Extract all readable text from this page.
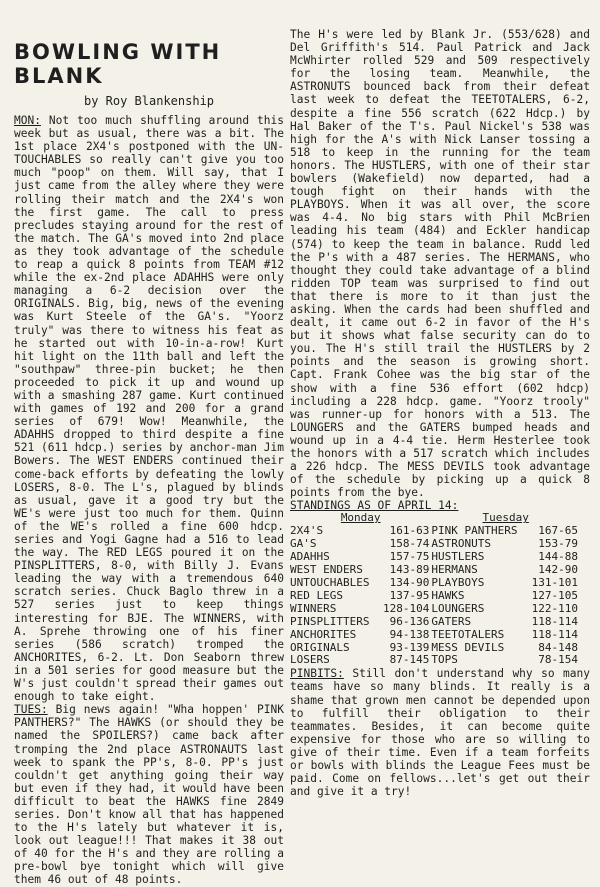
BOWLING WITH BLANK
by Roy Blankenship

MON: Not too much shuffling around this week but as usual, there was a bit. The 1st place 2X4's postponed with the UN-TOUCHABLES so really can't give you too much "poop" on them. Will say, that I just came from the alley where they were rolling their match and the 2X4's won the first game. The call to press precludes staying around for the rest of the match. The GA's moved into 2nd place as they took advantage of the schedule to reap a quick 8 points from TEAM #12 while the ex-2nd place ADAHHS were only managing a 6-2 decision over the ORIGINALS. Big, big, news of the evening was Kurt Steele of the GA's. "Yoorz truly" was there to witness his feat as he started out with 10-in-a-row! Kurt hit light on the 11th ball and left the "southpaw" three-pin bucket; he then proceeded to pick it up and wound up with a smashing 287 game. Kurt continued with games of 192 and 200 for a grand series of 679! Wow! Meanwhile, the ADAHHS dropped to third despite a fine 521 (611 hdcp.) series by anchor-man Jim Bowers. The WEST ENDERS continued their come-back efforts by defeating the lowly LOSERS, 8-0. The L's, plagued by blinds as usual, gave it a good try but the WE's were just too much for them. Quinn of the WE's rolled a fine 600 hdcp. series and Yogi Gagne had a 516 to lead the way. The RED LEGS poured it on the PINSPLITTERS, 8-0, with Billy J. Evans leading the way with a tremendous 640 scratch series. Chuck Baglo threw in a 527 series just to keep things interesting for BJE. The WINNERS, with A. Sprehe throwing one of his finer series (586 scratch) tromped the ANCHORITES, 6-2. Lt. Don Seaborn threw in a 501 series for good measure but the W's just couldn't spread their games out enough to take eight.

TUES: Big news again! "Wha hoppen' PINK PANTHERS?" The HAWKS (or should they be named the SPOILERS?) came back after tromping the 2nd place ASTRONAUTS last week to spank the PP's, 8-0. PP's just couldn't get anything going their way but even if they had, it would have been difficult to beat the HAWKS fine 2849 series. Don't know all that has happened to the H's lately but whatever it is, look out league!!! That makes it 38 out of 40 for the H's and they are rolling a pre-bowl bye tonight which will give them 46 out of 48 points.

The H's were led by Blank Jr. (553/628) and Del Griffith's 514. Paul Patrick and Jack McWhirter rolled 529 and 509 respectively for the losing team. Meanwhile, the ASTRONUTS bounced back from their defeat last week to defeat the TEETOTALERS, 6-2, despite a fine 556 scratch (622 Hdcp.) by Hal Baker of the T's. Paul Nickel's 538 was high for the A's with Nick Lanser tossing a 518 to keep in the running for the team honors. The HUSTLERS, with one of their star bowlers (Wakefield) now departed, had a tough fight on their hands with the PLAYBOYS. When it was all over, the score was 4-4. No big stars with Phil McBrien leading his team (484) and Eckler handicap (574) to keep the team in balance. Rudd led the P's with a 487 series. The HERMANS, who thought they could take advantage of a blind ridden TOP team was surprised to find out that there is more to it than just the asking. When the cards had been shuffled and dealt, it came out 6-2 in favor of the H's but it shows what false security can do to you. The H's still trail the HUSTLERS by 2 points and the season is growing short. Capt. Frank Cohee was the big star of the show with a fine 536 effort (602 hdcp) including a 228 hdcp. game. "Yoorz trooly" was runner-up for honors with a 513. The LOUNGERS and the GATERS bumped heads and wound up in a 4-4 tie. Herm Hesterlee took the honors with a 517 scratch which includes a 226 hdcp. The MESS DEVILS took advantage of the schedule by picking up a quick 8 points from the bye.

STANDINGS AS OF APRIL 14:
Monday		Tuesday	
2X4'S	161-63	PINK PANTHERS	167-65
GA'S	158-74	ASTRONUTS	153-79
ADAHHS	157-75	HUSTLERS	144-88
WEST ENDERS	143-89	HERMANS	142-90
UNTOUCHABLES	134-90	PLAYBOYS	131-101
RED LEGS	137-95	HAWKS	127-105
WINNERS	128-104	LOUNGERS	122-110
PINSPLITTERS	96-136	GATERS	118-114
ANCHORITES	94-138	TEETOTALERS	118-114
ORIGINALS	93-139	MESS DEVILS	84-148
LOSERS	87-145	TOPS	78-154

PINBITS: Still don't understand why so many teams have so many blinds. It really is a shame that grown men cannot be depended upon to fulfill their obligation to their teammates. Besides, it can become quite expensive for those who are so willing to give of their time. Even if a team forfeits or bowls with blinds the League Fees must be paid. Come on fellows...let's get out their and give it a try!
